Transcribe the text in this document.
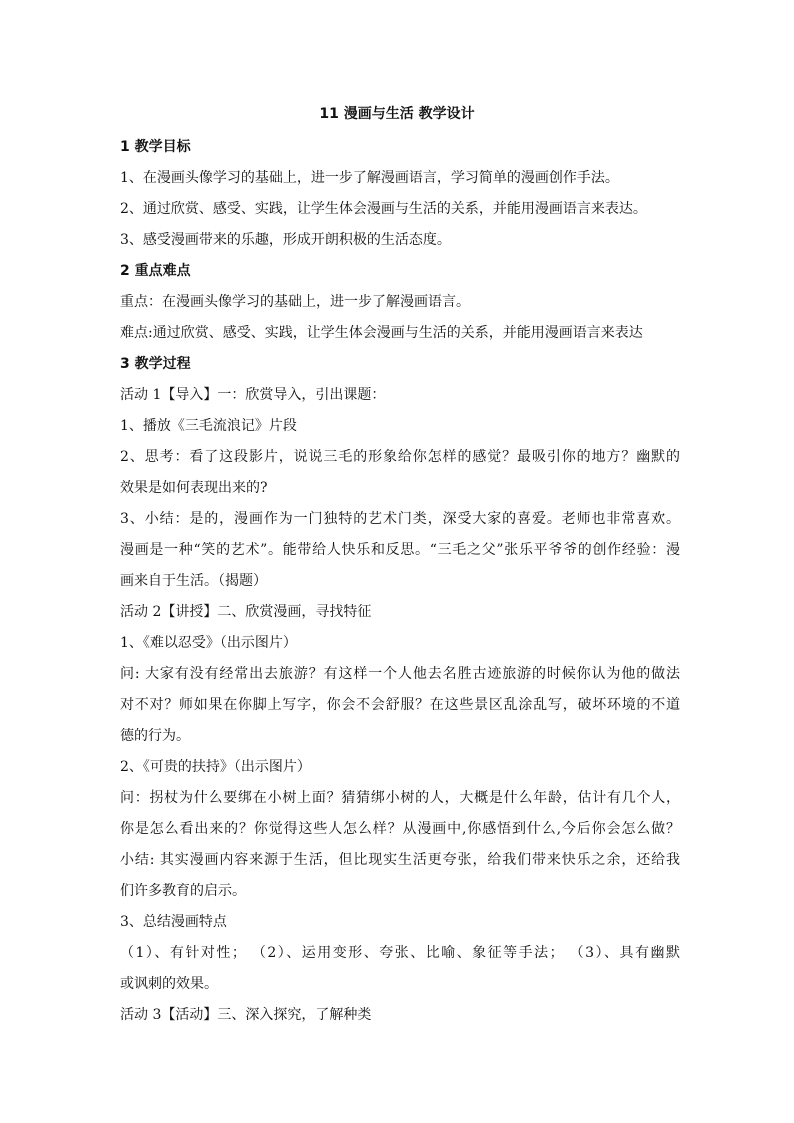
11 漫画与生活 教学设计
1 教学目标
1、在漫画头像学习的基础上，进一步了解漫画语言，学习简单的漫画创作手法。
2、通过欣赏、感受、实践，让学生体会漫画与生活的关系，并能用漫画语言来表达。
3、感受漫画带来的乐趣，形成开朗积极的生活态度。
2 重点难点
重点：在漫画头像学习的基础上，进一步了解漫画语言。
难点:通过欣赏、感受、实践，让学生体会漫画与生活的关系，并能用漫画语言来表达
3 教学过程
活动 1【导入】一：欣赏导入，引出课题：
1、播放《三毛流浪记》片段
2、思考：看了这段影片，说说三毛的形象给你怎样的感觉？最吸引你的地方？幽默的
效果是如何表现出来的?
3、小结：是的，漫画作为一门独特的艺术门类，深受大家的喜爱。老师也非常喜欢。
漫画是一种“笑的艺术”。能带给人快乐和反思。“三毛之父”张乐平爷爷的创作经验：漫
画来自于生活。（揭题）
活动 2【讲授】二、欣赏漫画，寻找特征
1、《难以忍受》（出示图片）
问: 大家有没有经常出去旅游？有这样一个人他去名胜古迹旅游的时候你认为他的做法
对不对？师如果在你脚上写字，你会不会舒服？在这些景区乱涂乱写，破坏环境的不道
德的行为。
2、《可贵的扶持》（出示图片）
问：拐杖为什么要绑在小树上面？猜猜绑小树的人，大概是什么年龄，估计有几个人，
你是怎么看出来的？你觉得这些人怎么样？从漫画中,你感悟到什么,今后你会怎么做？
小结: 其实漫画内容来源于生活，但比现实生活更夸张，给我们带来快乐之余，还给我
们许多教育的启示。
3、总结漫画特点
（1）、有针对性； （2）、运用变形、夸张、比喻、象征等手法； （3）、具有幽默
或讽刺的效果。
活动 3【活动】三、深入探究，了解种类
